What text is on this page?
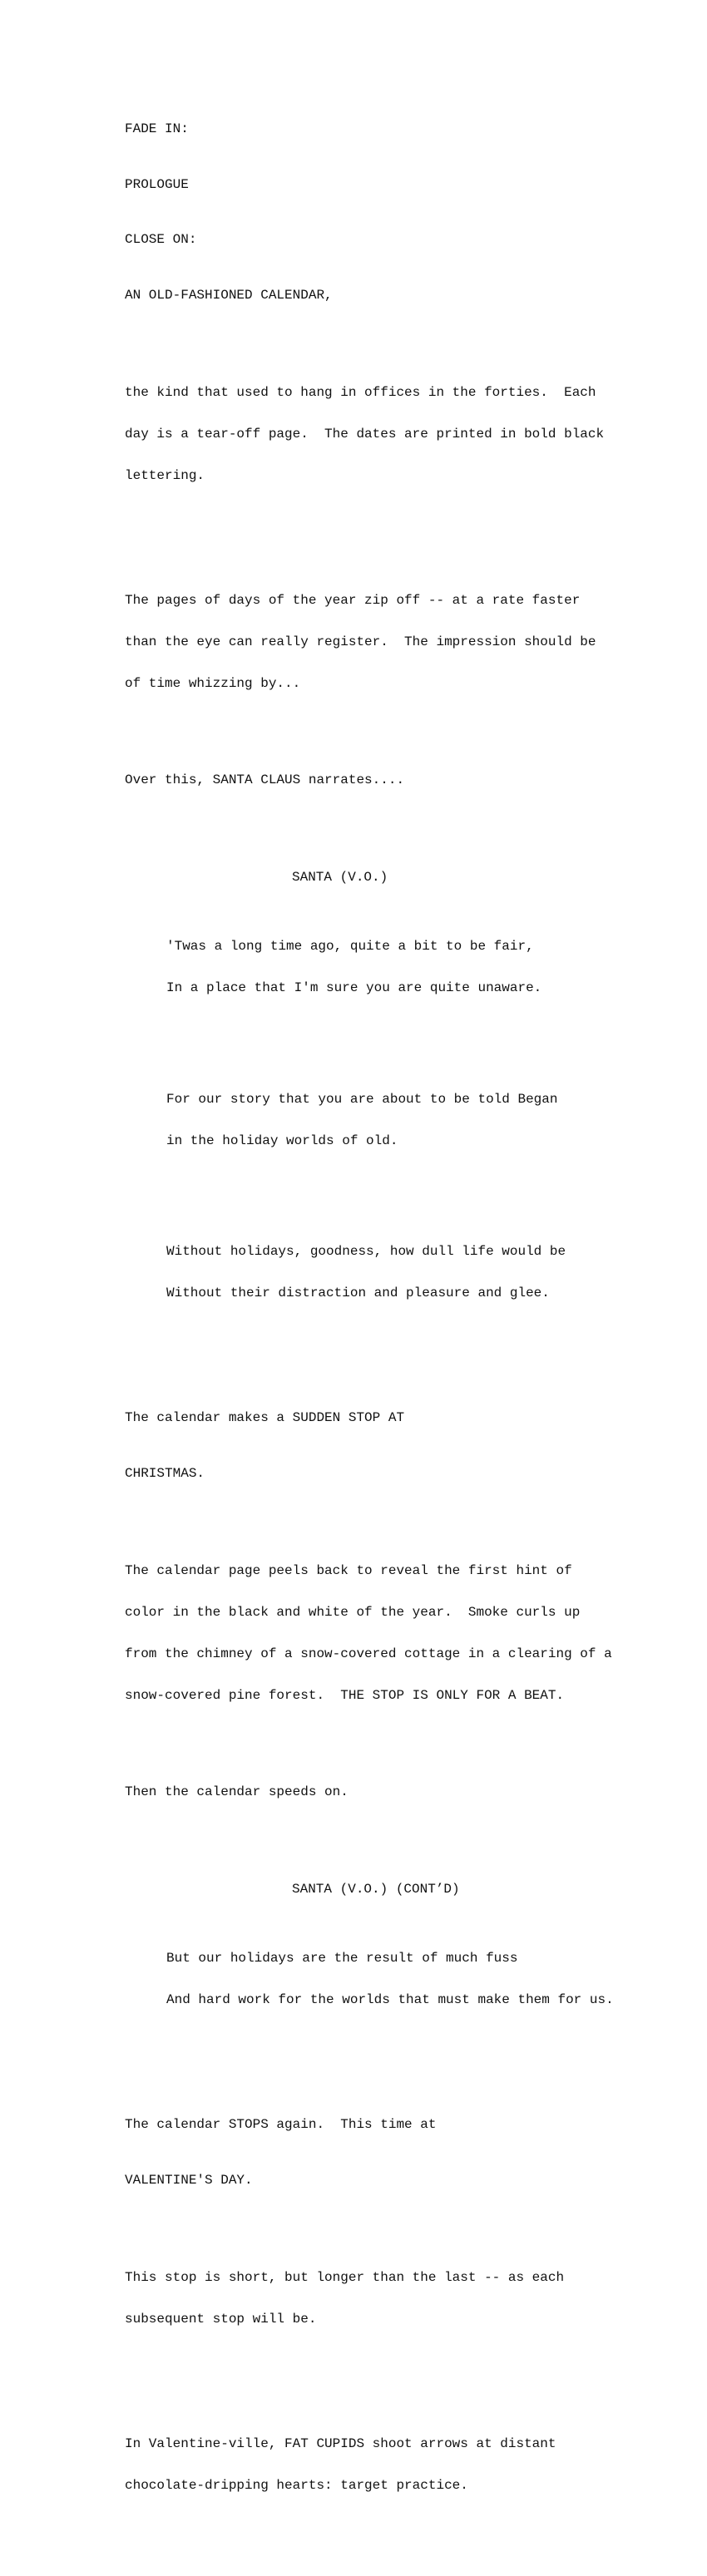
FADE IN:

PROLOGUE

CLOSE ON:

AN OLD-FASHIONED CALENDAR,

the kind that used to hang in offices in the forties.  Each

day is a tear-off page.  The dates are printed in bold black

lettering.

The pages of days of the year zip off -- at a rate faster

than the eye can really register.  The impression should be

of time whizzing by...

Over this, SANTA CLAUS narrates....

SANTA (V.O.)

'Twas a long time ago, quite a bit to be fair,

In a place that I'm sure you are quite unaware.

For our story that you are about to be told Began

in the holiday worlds of old.

Without holidays, goodness, how dull life would be

Without their distraction and pleasure and glee.

The calendar makes a SUDDEN STOP AT

CHRISTMAS.

The calendar page peels back to reveal the first hint of

color in the black and white of the year.  Smoke curls up

from the chimney of a snow-covered cottage in a clearing of a

snow-covered pine forest.  THE STOP IS ONLY FOR A BEAT.

Then the calendar speeds on.

SANTA (V.O.) (CONT’D)

But our holidays are the result of much fuss

And hard work for the worlds that must make them for us.

The calendar STOPS again.  This time at

VALENTINE'S DAY.

This stop is short, but longer than the last -- as each

subsequent stop will be.

In Valentine-ville, FAT CUPIDS shoot arrows at distant

chocolate-dripping hearts: target practice.
